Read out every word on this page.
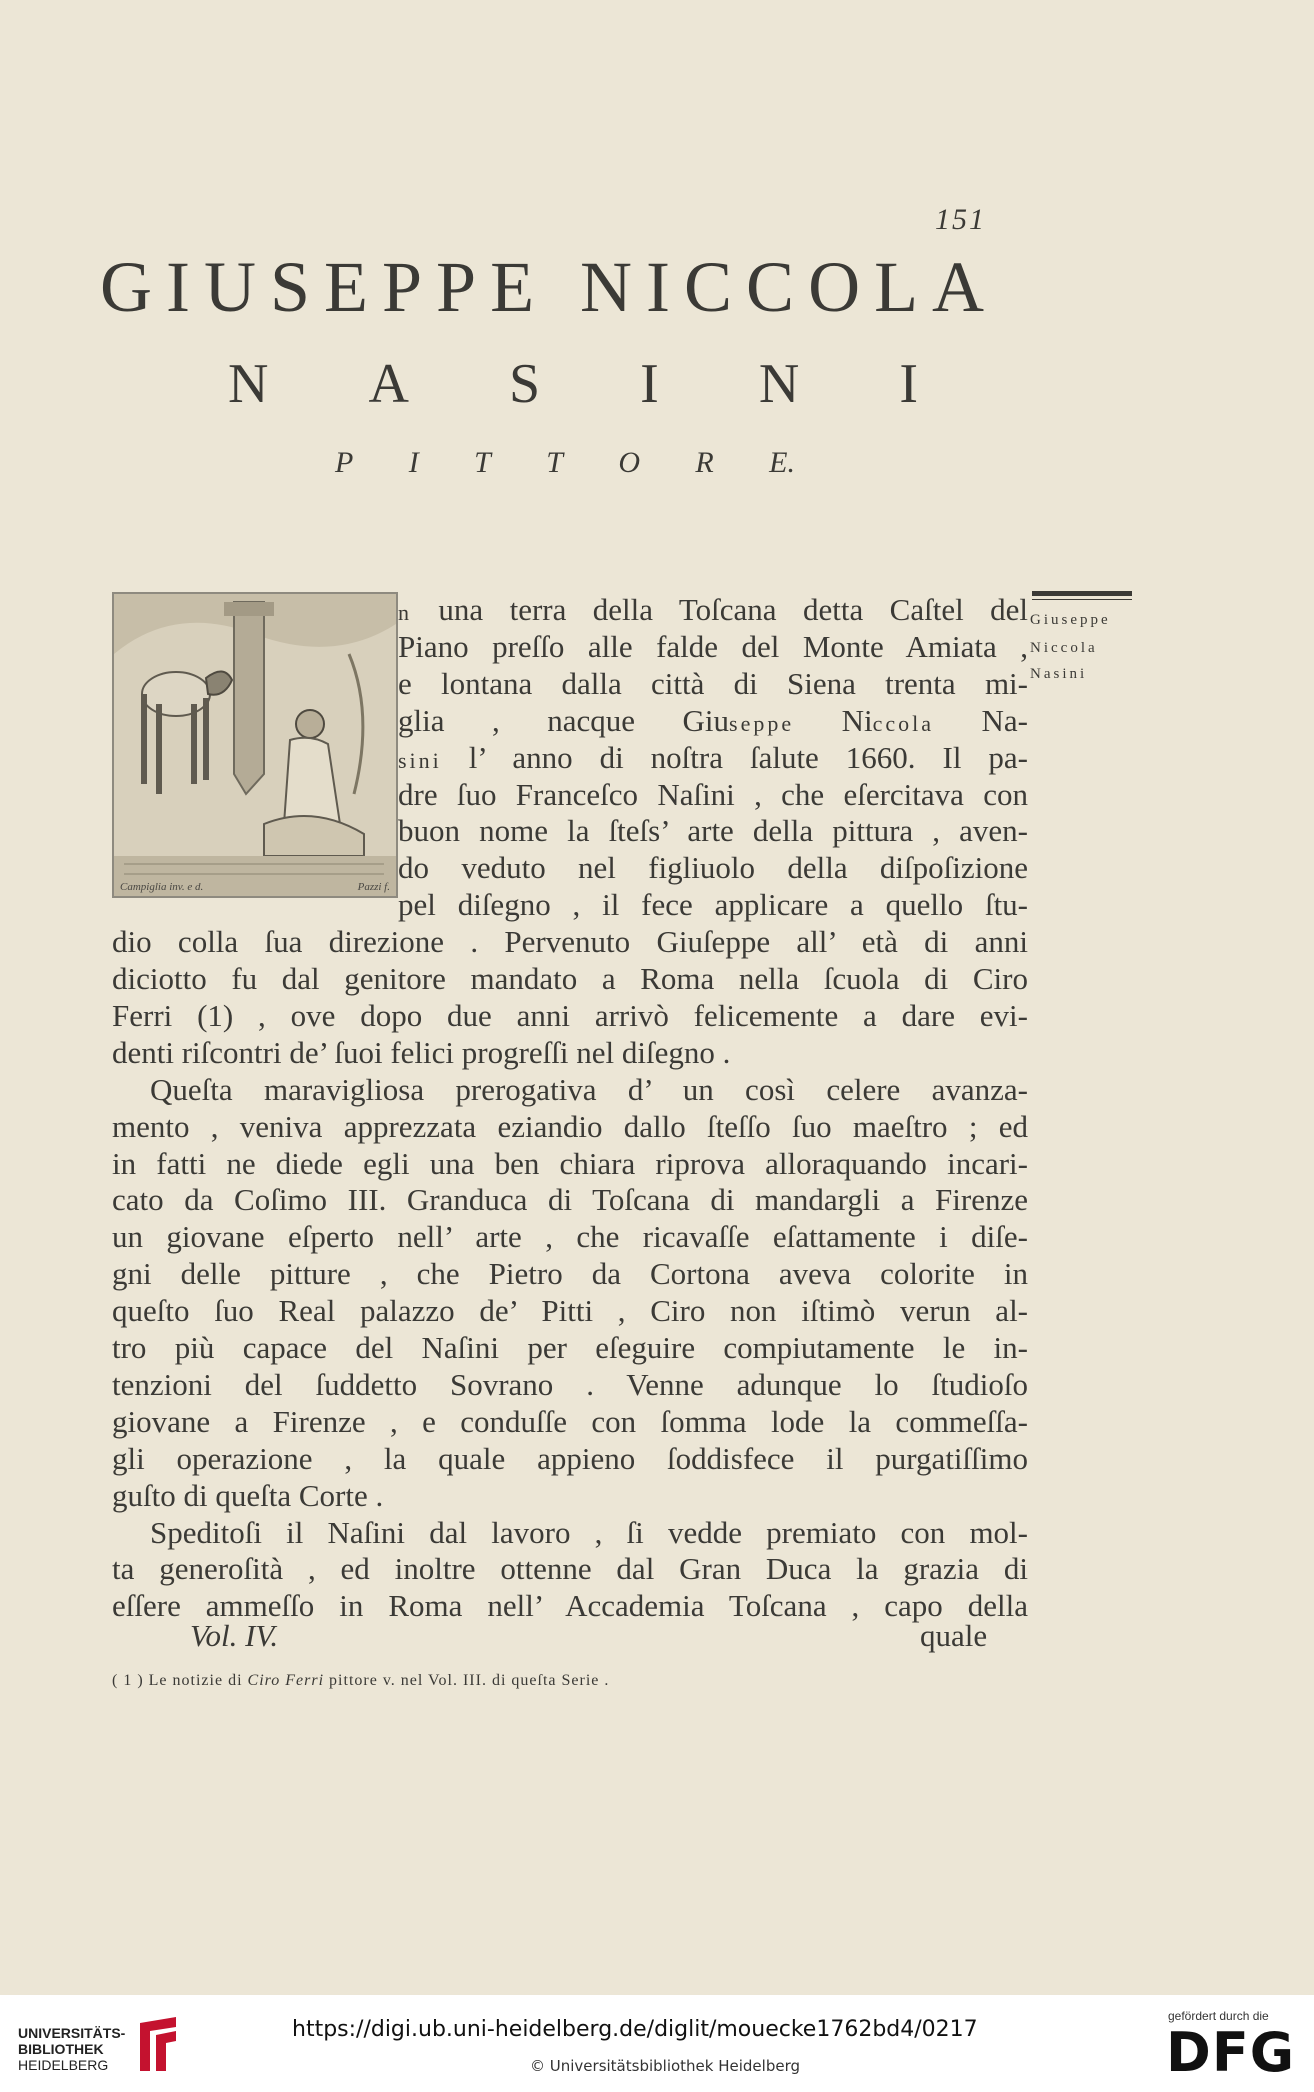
151
GIUSEPPE NICCOLA
N A S I N I
P I T T O R E.
Campiglia inv. e d.	Pazzi f.
Giuseppe
Niccola
Nasini
n una terra della Toſcana detta Caſtel del
Piano preſſo alle falde del Monte Amiata ,
e lontana dalla città di Siena trenta mi-
glia , nacque Giuseppe Niccola Na-
sini l’ anno di noſtra ſalute 1660. Il pa-
dre ſuo Franceſco Naſini , che eſercitava con
buon nome la ſteſs’ arte della pittura , aven-
do veduto nel figliuolo della diſpoſizione
pel diſegno , il fece applicare a quello ſtu-
dio colla ſua direzione . Pervenuto Giuſeppe all’ età di anni
diciotto fu dal genitore mandato a Roma nella ſcuola di Ciro
Ferri (1) , ove dopo due anni arrivò felicemente a dare evi-
denti riſcontri de’ ſuoi felici progreſſi nel diſegno .
Queſta maravigliosa prerogativa d’ un così celere avanza-
mento , veniva apprezzata eziandio dallo ſteſſo ſuo maeſtro ; ed
in fatti ne diede egli una ben chiara riprova alloraquando incari-
cato da Coſimo III. Granduca di Toſcana di mandargli a Firenze
un giovane eſperto nell’ arte , che ricavaſſe eſattamente i diſe-
gni delle pitture , che Pietro da Cortona aveva colorite in
queſto ſuo Real palazzo de’ Pitti , Ciro non iſtimò verun al-
tro più capace del Naſini per eſeguire compiutamente le in-
tenzioni del ſuddetto Sovrano . Venne adunque lo ſtudioſo
giovane a Firenze , e conduſſe con ſomma lode la commeſſa-
gli operazione , la quale appieno ſoddisfece il purgatiſſimo
guſto di queſta Corte .
Speditoſi il Naſini dal lavoro , ſi vedde premiato con mol-
ta generoſità , ed inoltre ottenne dal Gran Duca la grazia di
eſſere ammeſſo in Roma nell’ Accademia Toſcana , capo della
Vol. IV.	quale
( 1 ) Le notizie di Ciro Ferri pittore v. nel Vol. III. di queſta Serie .
UNIVERSITÄTS-
BIBLIOTHEK
HEIDELBERG
https://digi.ub.uni-heidelberg.de/diglit/mouecke1762bd4/0217
© Universitätsbibliothek Heidelberg
gefördert durch die
DFG
